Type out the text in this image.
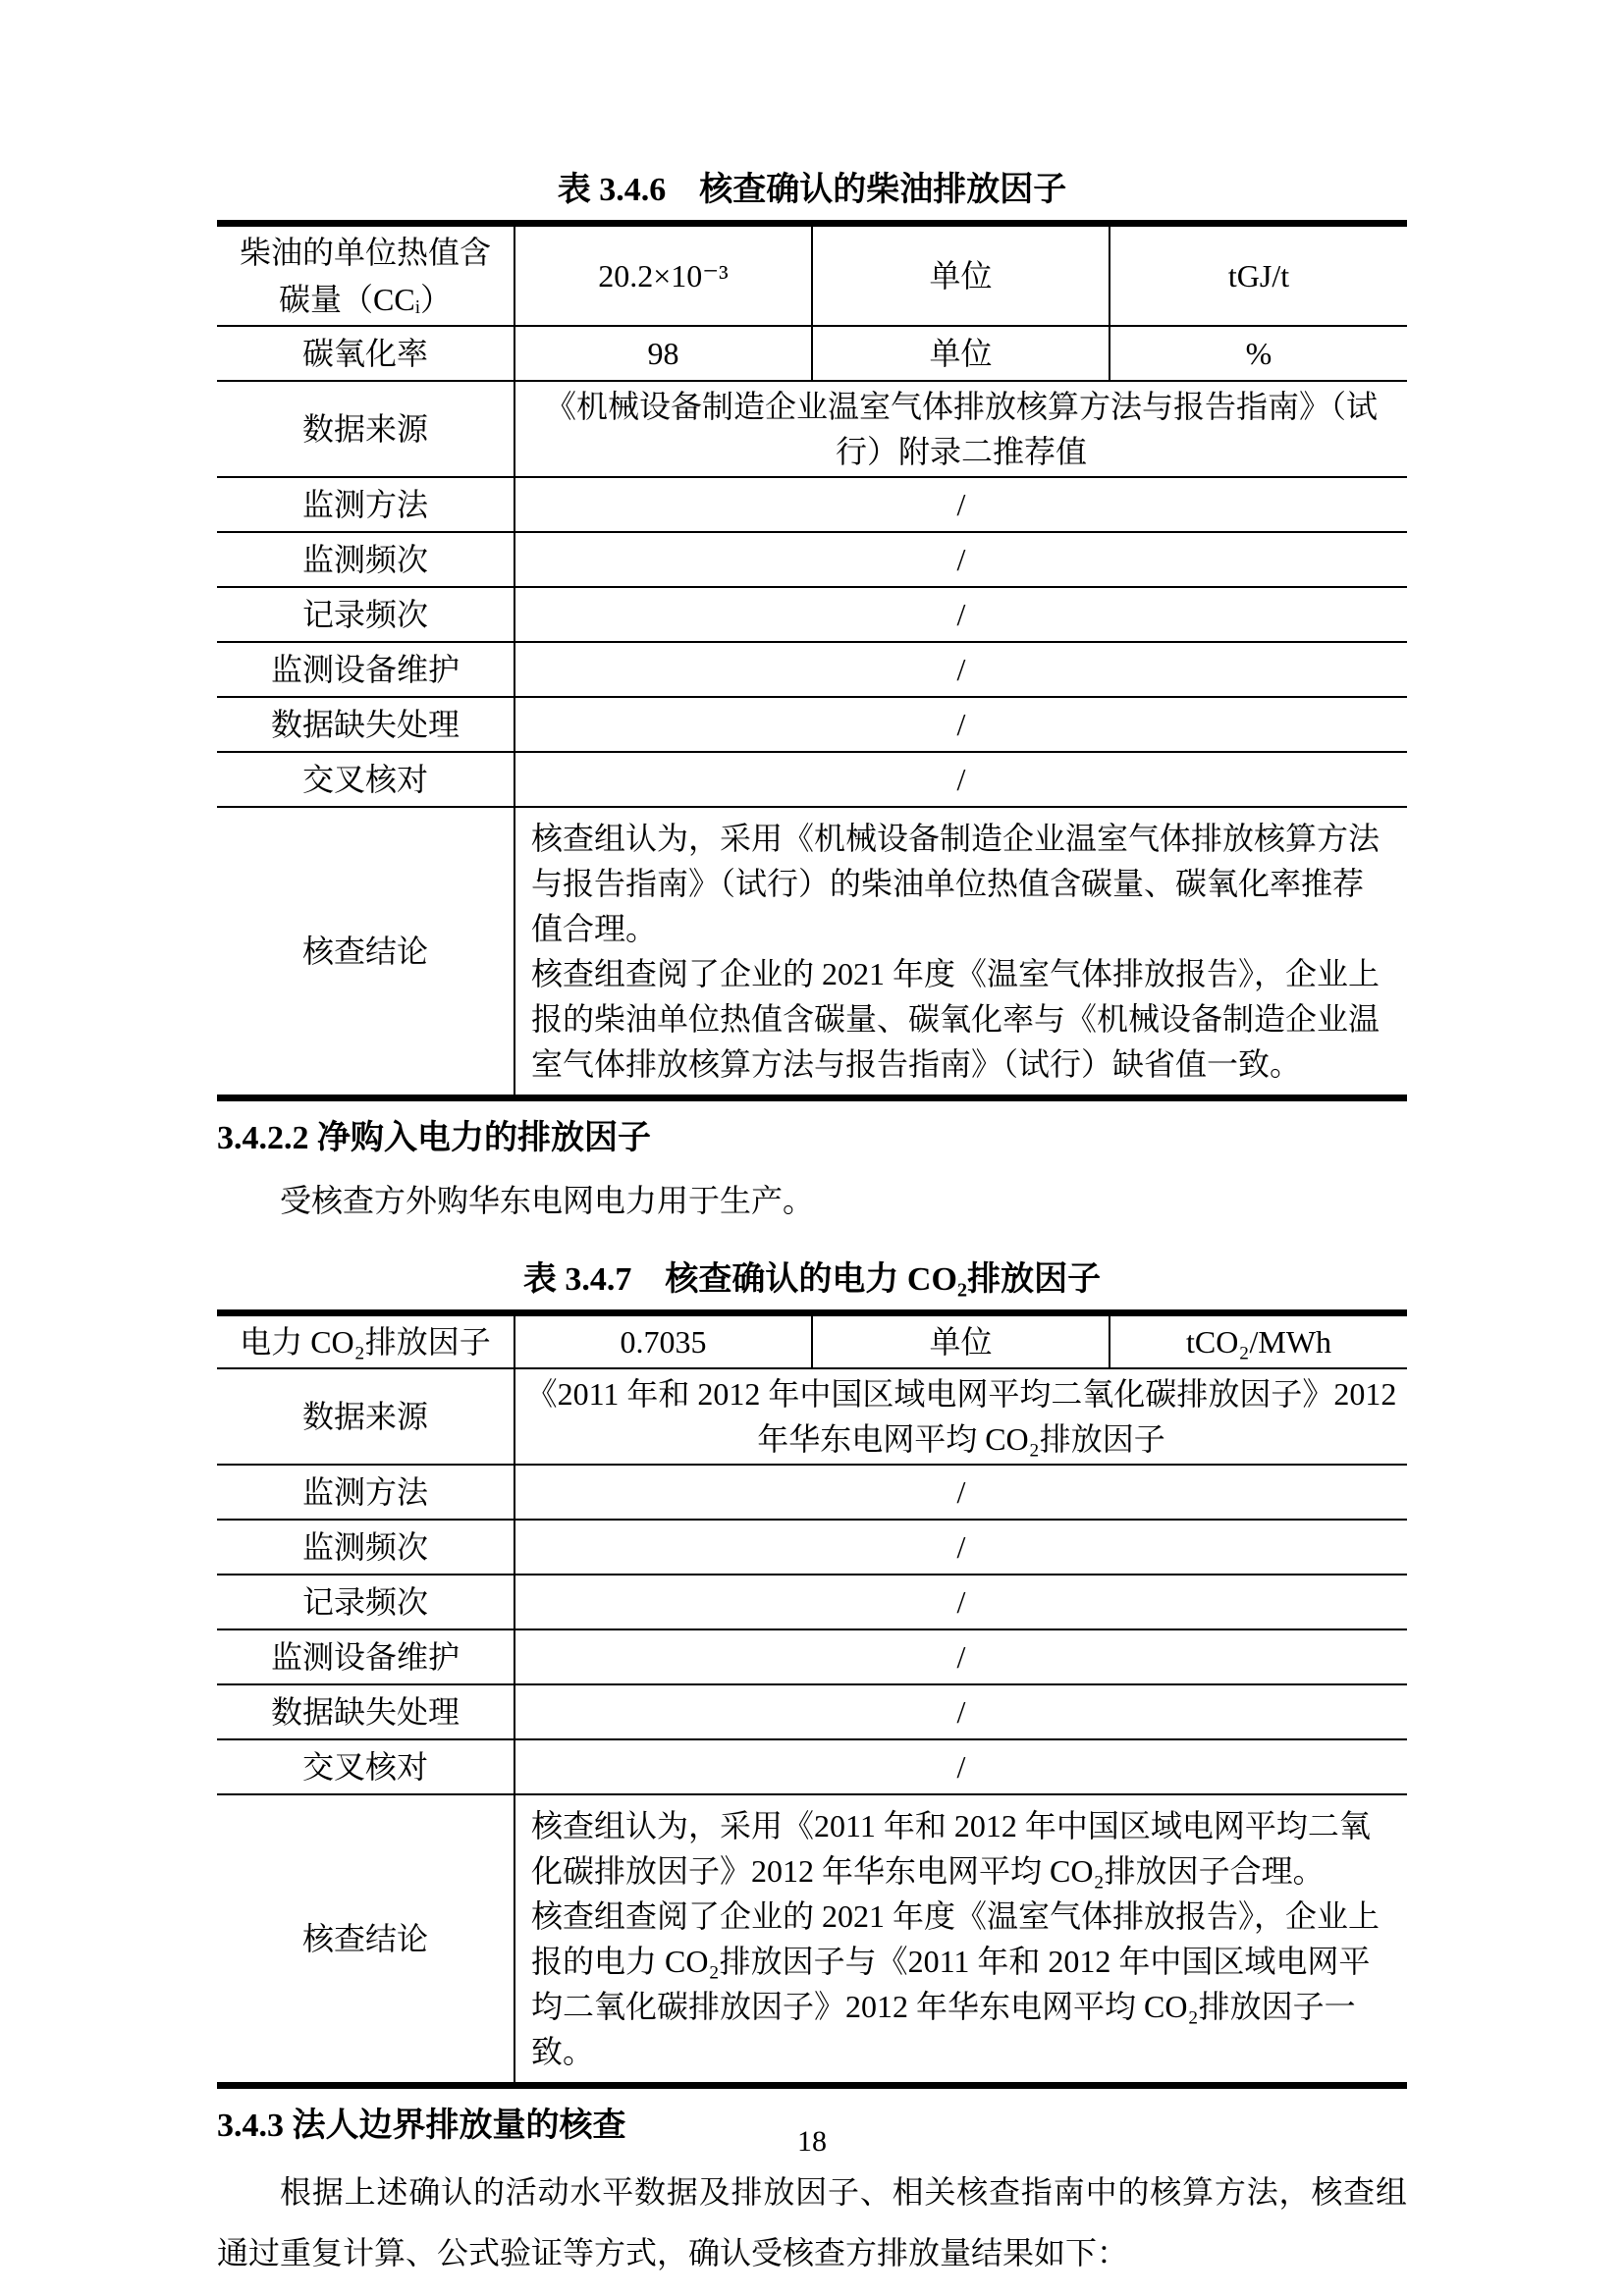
表 3.4.6　核查确认的柴油排放因子
柴油的单位热值含碳量（CCᵢ）	20.2×10⁻³	单位	tGJ/t
碳氧化率	98	单位	%
数据来源	《机械设备制造企业温室气体排放核算方法与报告指南》（试行）附录二推荐值		
监测方法	/		
监测频次	/		
记录频次	/		
监测设备维护	/		
数据缺失处理	/		
交叉核对	/		
核查结论	核查组认为，采用《机械设备制造企业温室气体排放核算方法与报告指南》（试行）的柴油单位热值含碳量、碳氧化率推荐值合理。
核查组查阅了企业的 2021 年度《温室气体排放报告》，企业上报的柴油单位热值含碳量、碳氧化率与《机械设备制造企业温室气体排放核算方法与报告指南》（试行）缺省值一致。		
3.4.2.2 净购入电力的排放因子

受核查方外购华东电网电力用于生产。

表 3.4.7　核查确认的电力 CO₂排放因子
电力 CO₂排放因子	0.7035	单位	tCO₂/MWh
数据来源	《2011 年和 2012 年中国区域电网平均二氧化碳排放因子》2012 年华东电网平均 CO₂排放因子		
监测方法	/		
监测频次	/		
记录频次	/		
监测设备维护	/		
数据缺失处理	/		
交叉核对	/		
核查结论	核查组认为，采用《2011 年和 2012 年中国区域电网平均二氧化碳排放因子》2012 年华东电网平均 CO₂排放因子合理。
核查组查阅了企业的 2021 年度《温室气体排放报告》，企业上报的电力 CO₂排放因子与《2011 年和 2012 年中国区域电网平均二氧化碳排放因子》2012 年华东电网平均 CO₂排放因子一致。		
3.4.3 法人边界排放量的核查

根据上述确认的活动水平数据及排放因子、相关核查指南中的核算方法，核查组通过重复计算、公式验证等方式，确认受核查方排放量结果如下：

18
